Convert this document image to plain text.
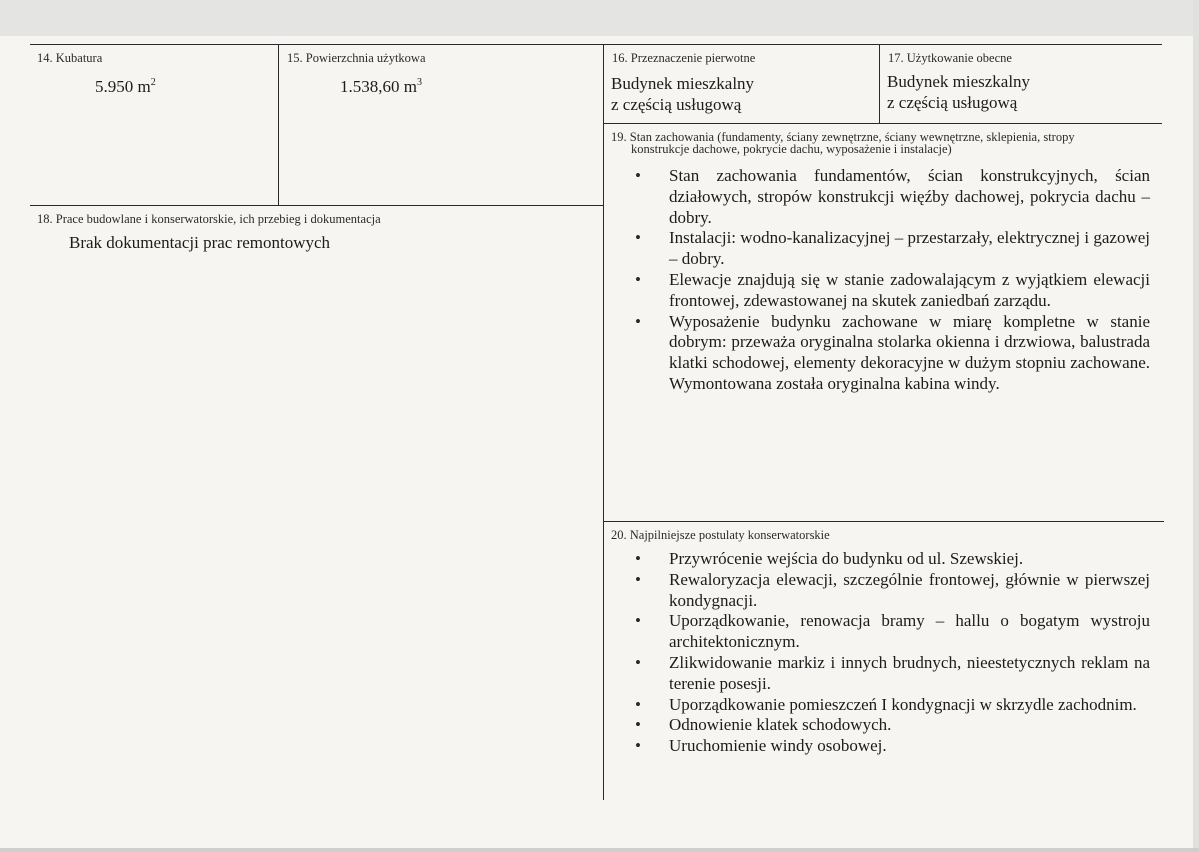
14. Kubatura
5.950 $m^2$
15. Powierzchnia użytkowa
1.538,60 $m^3$
16. Przeznaczenie pierwotne
Budynek mieszkalny
z częścią usługową
17. Użytkowanie obecne
Budynek mieszkalny
z częścią usługową
18. Prace budowlane i konserwatorskie, ich przebieg i dokumentacja
Brak dokumentacji prac remontowych
19. Stan zachowania (fundamenty, ściany zewnętrzne, ściany wewnętrzne, sklepienia, stropy
konstrukcje dachowe, pokrycie dachu, wyposażenie i instalacje)
Stan zachowania fundamentów, ścian konstrukcyjnych, ścian działowych, stropów konstrukcji więźby dachowej, pokrycia dachu – dobry.
Instalacji: wodno-kanalizacyjnej – przestarzały, elektrycznej i gazowej – dobry.
Elewacje znajdują się w stanie zadowalającym z wyjątkiem elewacji frontowej, zdewastowanej na skutek zaniedbań zarządu.
Wyposażenie budynku zachowane w miarę kompletne w stanie dobrym: przeważa oryginalna stolarka okienna i drzwiowa, balustrada klatki schodowej, elementy dekoracyjne w dużym stopniu zachowane. Wymontowana została oryginalna kabina windy.
20. Najpilniejsze postulaty konserwatorskie
Przywrócenie wejścia do budynku od ul. Szewskiej.
Rewaloryzacja elewacji, szczególnie frontowej, głównie w pierwszej kondygnacji.
Uporządkowanie, renowacja bramy – hallu o bogatym wystroju architektonicznym.
Zlikwidowanie markiz i innych brudnych, nieestetycznych reklam na terenie posesji.
Uporządkowanie pomieszczeń I kondygnacji w skrzydle zachodnim.
Odnowienie klatek schodowych.
Uruchomienie windy osobowej.
